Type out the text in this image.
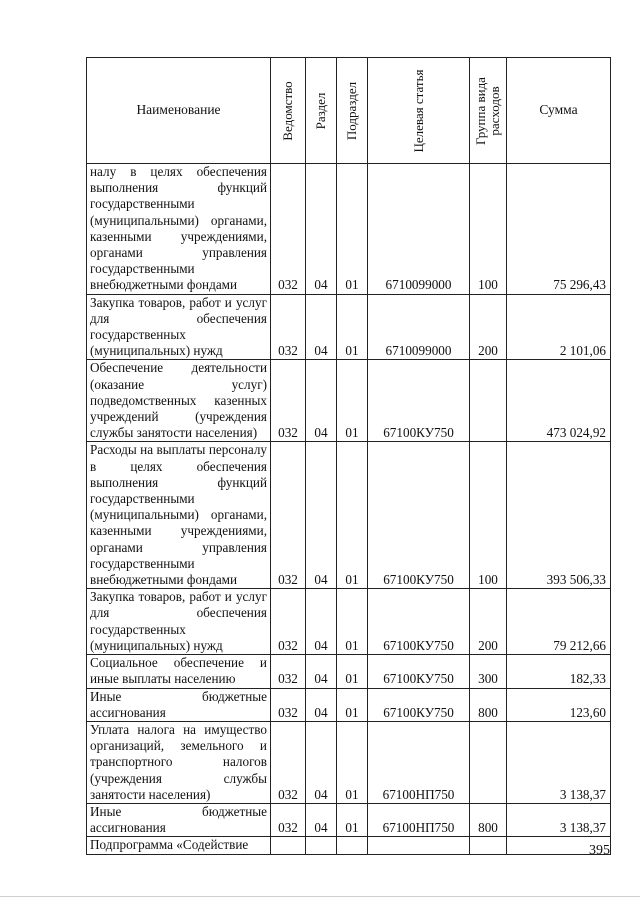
Наименование	Ведомство	Раздел	Подраздел	Целевая статья	Группа вида расходов	Сумма
налу в целях обеспечения выполнения функций государственными (муниципальными) органами, казенными учреждениями, органами управления государственными внебюджетными фондами	032	04	01	6710099000	100	75 296,43
Закупка товаров, работ и услуг для обеспечения государственных (муниципальных) нужд	032	04	01	6710099000	200	2 101,06
Обеспечение деятельности (оказание услуг) подведомственных казенных учреждений (учреждения службы занятости населения)	032	04	01	67100КУ750		473 024,92
Расходы на выплаты персоналу в целях обеспечения выполнения функций государственными (муниципальными) органами, казенными учреждениями, органами управления государственными внебюджетными фондами	032	04	01	67100КУ750	100	393 506,33
Закупка товаров, работ и услуг для обеспечения государственных (муниципальных) нужд	032	04	01	67100КУ750	200	79 212,66
Социальное обеспечение и иные выплаты населению	032	04	01	67100КУ750	300	182,33
Иные бюджетные ассигнования	032	04	01	67100КУ750	800	123,60
Уплата налога на имущество организаций, земельного и транспортного налогов (учреждения службы занятости населения)	032	04	01	67100НП750		3 138,37
Иные бюджетные ассигнования	032	04	01	67100НП750	800	3 138,37
Подпрограмма «Содействие							395
